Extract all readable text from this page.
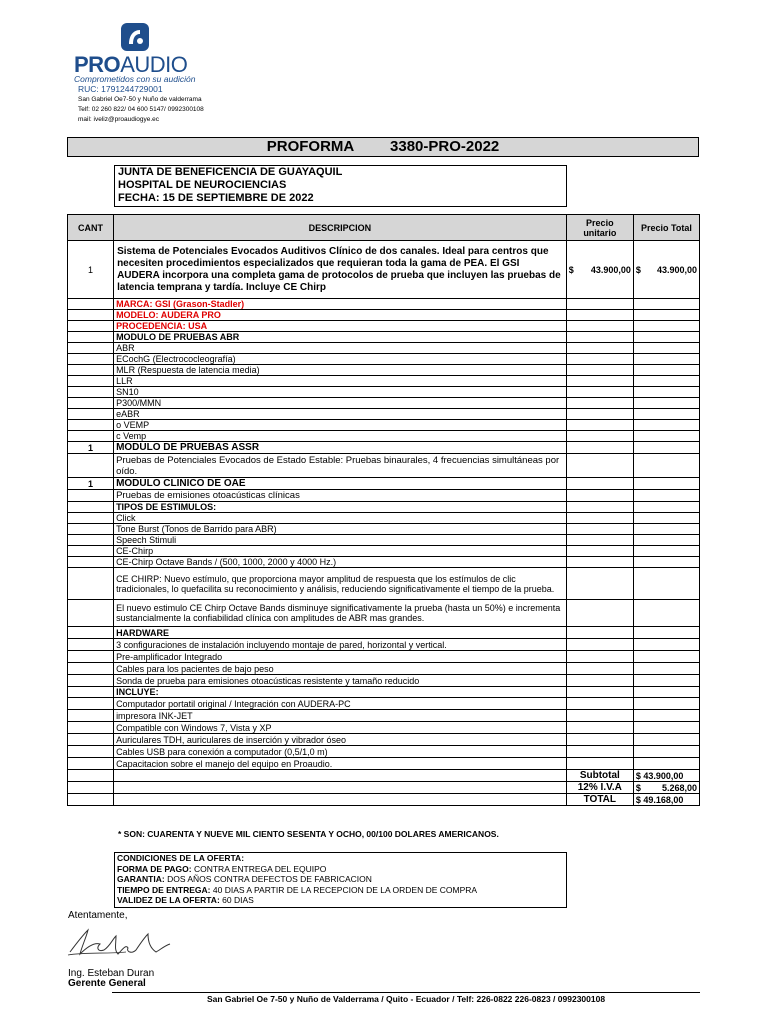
PROAUDIO
Comprometidos con su audición
RUC: 1791244729001
San Gabriel Oe7-50 y Nuño de valderrama
Telf: 02 260 822/ 04 600 5147/ 0992300108
mail: iveliz@proaudiogye.ec
PROFORMA 3380-PRO-2022
JUNTA DE BENEFICENCIA DE GUAYAQUIL
HOSPITAL DE NEUROCIENCIAS
FECHA: 15 DE SEPTIEMBRE DE 2022
CANT	DESCRIPCION	Precio unitario	Precio Total
1	Sistema de Potenciales Evocados Auditivos Clínico de dos canales. Ideal para centros que necesiten procedimientos especializados que requieran toda la gama de PEA. El GSI AUDERA incorpora una completa gama de protocolos de prueba que incluyen las pruebas de latencia temprana y tardía. Incluye CE Chirp	$ 43.900,00	$ 43.900,00

	MARCA: GSI (Grason-Stadler)		
	MODELO: AUDERA PRO		
	PROCEDENCIA: USA		
	MODULO DE PRUEBAS ABR		
	ABR		
	ECochG (Electrococleografía)		
	MLR (Respuesta de latencia media)		
	LLR		
	SN10		
	P300/MMN		
	eABR		
	o VEMP		
	c Vemp		
1	MODULO DE PRUEBAS ASSR		
	Pruebas de Potenciales Evocados de Estado Estable: Pruebas binaurales, 4 frecuencias simultáneas por oído.		
1	MODULO CLINICO DE OAE		
	Pruebas de emisiones otoacústicas clínicas		
	TIPOS DE ESTIMULOS:		
	Click		
	Tone Burst (Tonos de Barrido para ABR)		
	Speech Stimuli		
	CE-Chirp		
	CE-Chirp Octave Bands / (500, 1000, 2000 y 4000 Hz.)		
	CE CHIRP: Nuevo estímulo, que proporciona mayor amplitud de respuesta que los estímulos de clic tradicionales, lo quefacilita su reconocimiento y análisis, reduciendo significativamente el tiempo de la prueba.		
	El nuevo estimulo CE Chirp Octave Bands disminuye significativamente la prueba (hasta un 50%) e incrementa sustancialmente la confiabilidad clínica con amplitudes de ABR mas grandes.		
	HARDWARE		
	3 configuraciones de instalación incluyendo montaje de pared, horizontal y vertical.		
	Pre-amplificador Integrado		
	Cables para los pacientes de bajo peso		
	Sonda de prueba para emisiones otoacústicas resistente y tamaño reducido		
	INCLUYE:		
	Computador portatil original / Integración con AUDERA-PC		
	impresora INK-JET		
	Compatible con Windows 7, Vista y XP		
	Auriculares TDH, auriculares de inserción y vibrador óseo		
	Cables USB para conexión a computador (0,5/1,0 m)		
	Capacitacion sobre el manejo del equipo en Proaudio.		
		Subtotal	$ 43.900,00
		12% I.V.A	$ 5.268,00

		TOTAL	$ 49.168,00
* SON: CUARENTA Y NUEVE MIL CIENTO SESENTA Y OCHO, 00/100 DOLARES AMERICANOS.
CONDICIONES DE LA OFERTA:
FORMA DE PAGO: CONTRA ENTREGA DEL EQUIPO
GARANTIA: DOS AÑOS CONTRA DEFECTOS DE FABRICACION
TIEMPO DE ENTREGA: 40 DIAS A PARTIR DE LA RECEPCION DE LA ORDEN DE COMPRA
VALIDEZ DE LA OFERTA: 60 DIAS
Atentamente,
Ing. Esteban Duran
Gerente General
San Gabriel Oe 7-50 y Nuño de Valderrama / Quito - Ecuador / Telf: 226-0822 226-0823 / 0992300108
